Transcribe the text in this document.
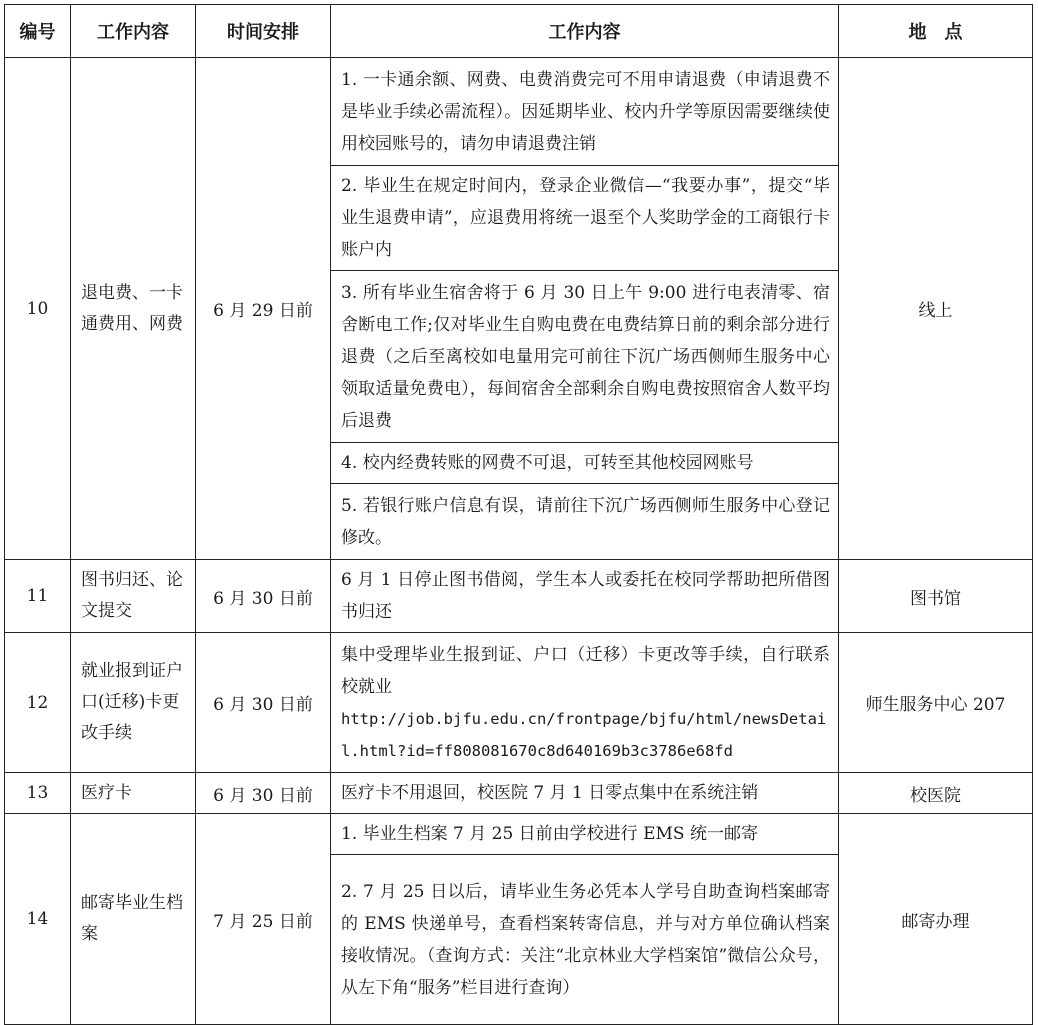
编号	工作内容	时间安排	工作内容	地　点
10	退电费、一卡通费用、网费	6 月 29 日前	1. 一卡通余额、网费、电费消费完可不用申请退费（申请退费不是毕业手续必需流程）。因延期毕业、校内升学等原因需要继续使用校园账号的，请勿申请退费注销	线上
			2. 毕业生在规定时间内，登录企业微信—“我要办事”，提交“毕业生退费申请”，应退费用将统一退至个人奖助学金的工商银行卡账户内	
			3. 所有毕业生宿舍将于 6 月 30 日上午 9:00 进行电表清零、宿舍断电工作;仅对毕业生自购电费在电费结算日前的剩余部分进行退费（之后至离校如电量用完可前往下沉广场西侧师生服务中心领取适量免费电），每间宿舍全部剩余自购电费按照宿舍人数平均后退费	
			4. 校内经费转账的网费不可退，可转至其他校园网账号	
			5. 若银行账户信息有误，请前往下沉广场西侧师生服务中心登记修改。	
11	图书归还、论文提交	6 月 30 日前	6 月 1 日停止图书借阅，学生本人或委托在校同学帮助把所借图书归还	图书馆
12	就业报到证户口(迁移)卡更改手续	6 月 30 日前	集中受理毕业生报到证、户口（迁移）卡更改等手续，自行联系校就业
http://job.bjfu.edu.cn/frontpage/bjfu/html/newsDetail.html?id=ff808081670c8d640169b3c3786e68fd	师生服务中心 207
13	医疗卡	6 月 30 日前	医疗卡不用退回，校医院 7 月 1 日零点集中在系统注销	校医院
14	邮寄毕业生档案	7 月 25 日前	1. 毕业生档案 7 月 25 日前由学校进行 EMS 统一邮寄	邮寄办理
			2. 7 月 25 日以后，请毕业生务必凭本人学号自助查询档案邮寄的 EMS 快递单号，查看档案转寄信息，并与对方单位确认档案接收情况。（查询方式：关注“北京林业大学档案馆”微信公众号，从左下角“服务”栏目进行查询）	
